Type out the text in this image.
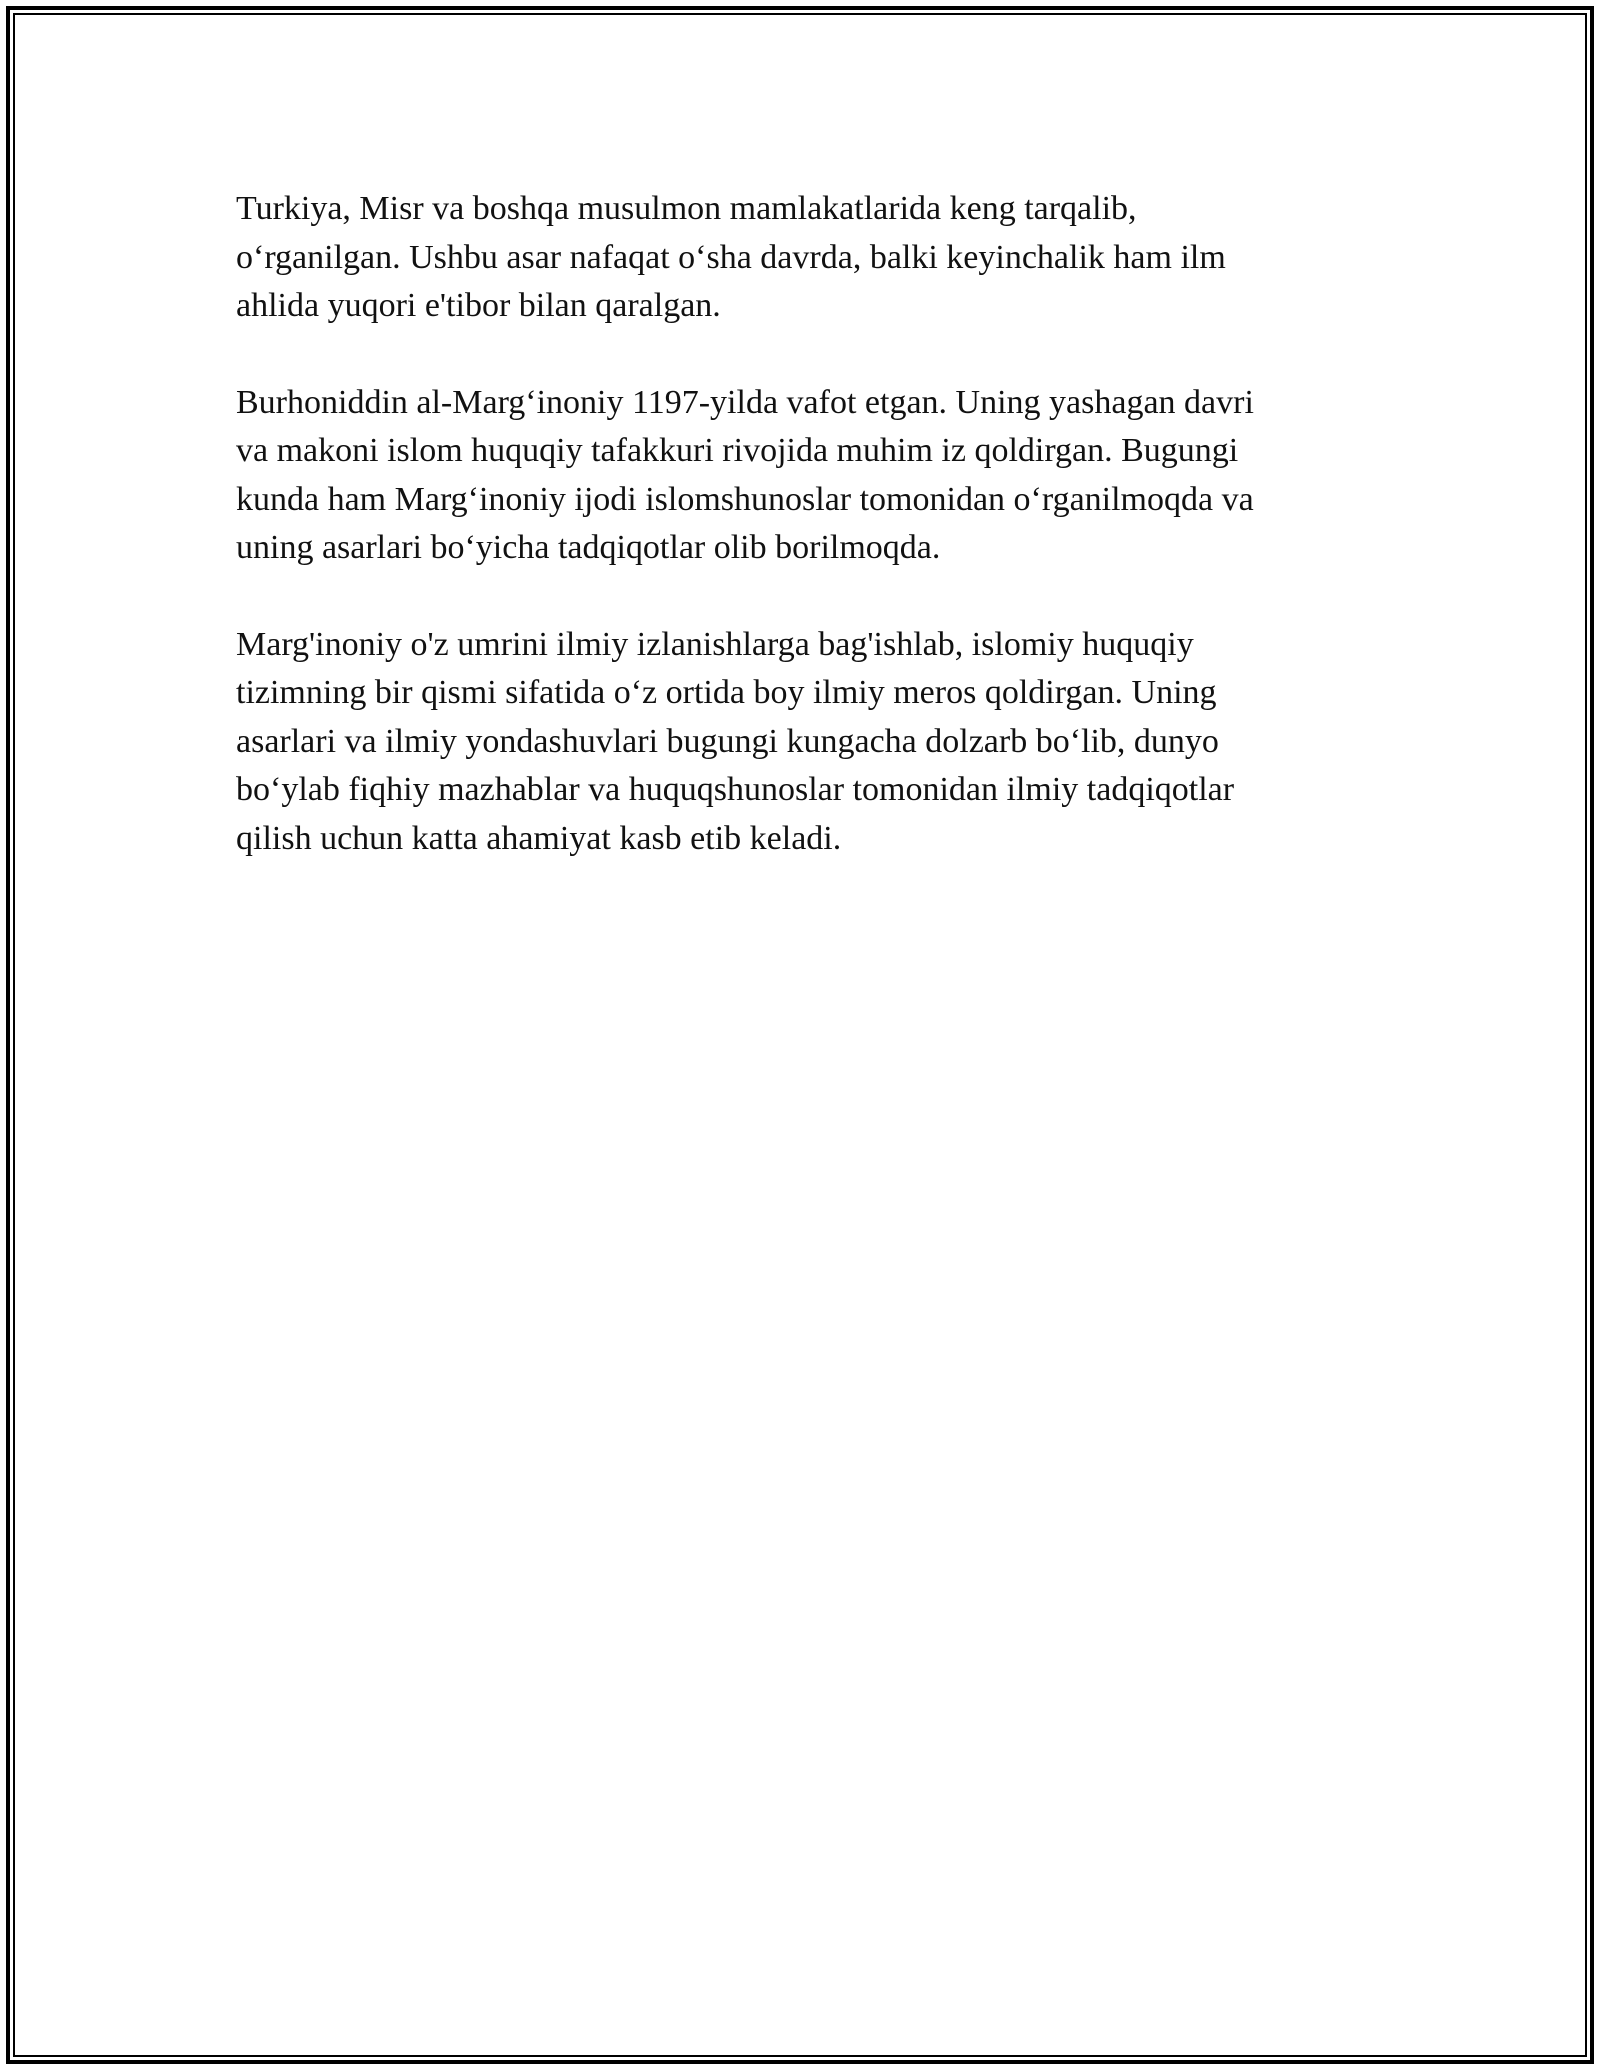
Turkiya, Misr va boshqa musulmon mamlakatlarida keng tarqalib,
o‘rganilgan. Ushbu asar nafaqat o‘sha davrda, balki keyinchalik ham ilm
ahlida yuqori e'tibor bilan qaralgan.

Burhoniddin al-Marg‘inoniy 1197-yilda vafot etgan. Uning yashagan davri
va makoni islom huquqiy tafakkuri rivojida muhim iz qoldirgan. Bugungi
kunda ham Marg‘inoniy ijodi islomshunoslar tomonidan o‘rganilmoqda va
uning asarlari bo‘yicha tadqiqotlar olib borilmoqda.

Marg'inoniy o'z umrini ilmiy izlanishlarga bag'ishlab, islomiy huquqiy
tizimning bir qismi sifatida o‘z ortida boy ilmiy meros qoldirgan. Uning
asarlari va ilmiy yondashuvlari bugungi kungacha dolzarb bo‘lib, dunyo
bo‘ylab fiqhiy mazhablar va huquqshunoslar tomonidan ilmiy tadqiqotlar
qilish uchun katta ahamiyat kasb etib keladi.
